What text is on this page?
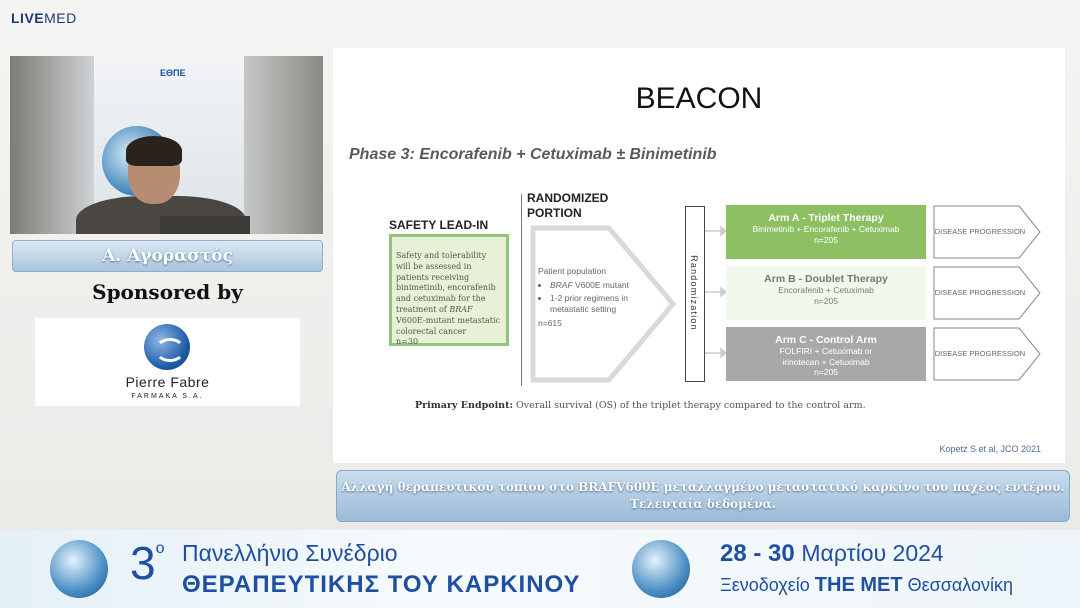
LIVEMED
ΕΘΠΕ
Α. Αγοραστός
Sponsored by
Pierre Fabre
FARMAKA S.A.
BEACON
Phase 3: Encorafenib + Cetuximab ± Binimetinib
SAFETY LEAD-IN
Safety and tolerability will be assessed in patients receiving binimetinib, encorafenib and cetuximab for the treatment of BRAF V600E-mutant metastatic colorectal cancer
n=30
RANDOMIZED
PORTION
Patient population
• BRAF V600E mutant
• 1-2 prior regimens in metastatic setting
n=615	Randomization
Arm A - Triplet Therapy
Binimetinib + Encorafenib + Cetuximab
n=205
Arm B - Doublet Therapy
Encorafenib + Cetuximab
n=205
Arm C - Control Arm
FOLFIRI + Cetuximab or
irinotecan + Cetuximab
n=205
DISEASE PROGRESSION
DISEASE PROGRESSION
DISEASE PROGRESSION
Primary Endpoint: Overall survival (OS) of the triplet therapy compared to the control arm.
Kopetz S et al, JCO 2021
Αλλαγή θεραπευτικού τοπίου στο BRAFV600E μεταλλαγμένο μεταστατικό καρκίνο του παχέος εντέρου.
Τελευταία δεδομένα.
$3^o$ Πανελλήνιο Συνέδριο
ΘΕΡΑΠΕΥΤΙΚΗΣ ΤΟΥ ΚΑΡΚΙΝΟΥ
28 - 30 Μαρτίου 2024
Ξενοδοχείο THE MET Θεσσαλονίκη
